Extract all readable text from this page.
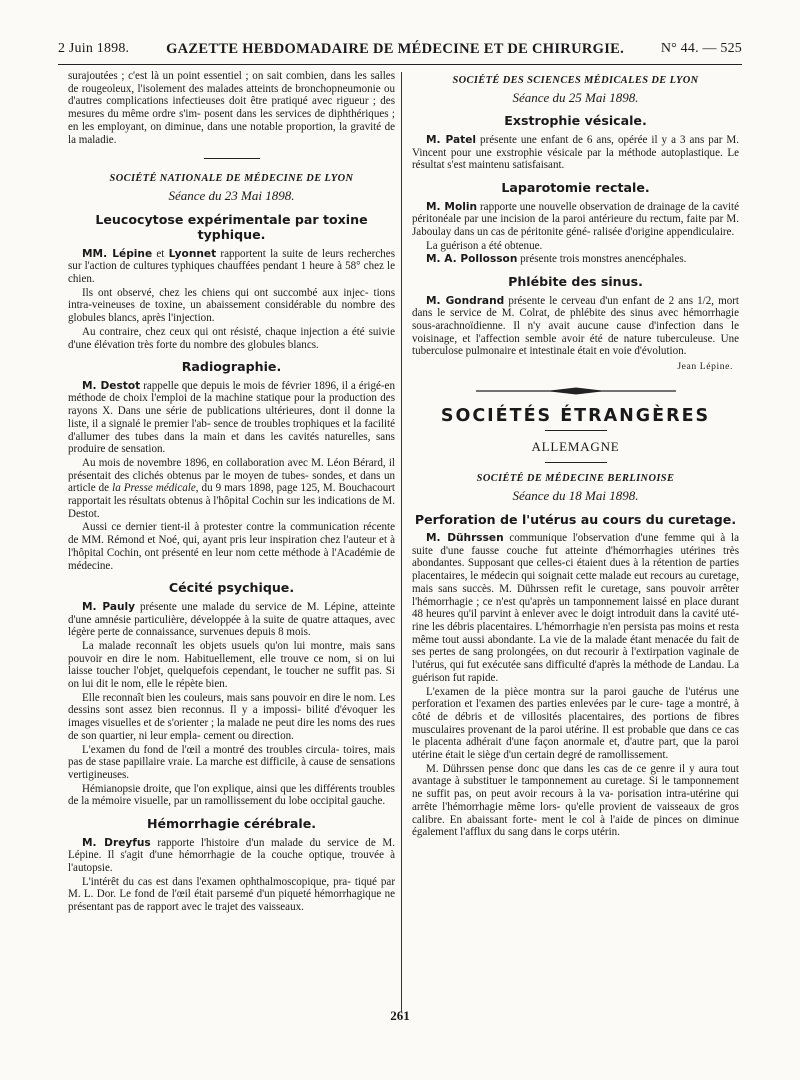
2 Juin 1898.	GAZETTE HEBDOMADAIRE DE MÉDECINE ET DE CHIRURGIE.	N° 44. — 525

surajoutées ; c'est là un point essentiel ; on sait combien, dans les salles de rougeoleux, l'isolement des malades atteints de bronchopneumonie ou d'autres complications infectieuses doit être pratiqué avec rigueur ; des mesures du même ordre s'im- posent dans les services de diphthériques ; en les employant, on diminue, dans une notable proportion, la gravité de la maladie.

SOCIÉTÉ NATIONALE DE MÉDECINE DE LYON
Séance du 23 Mai 1898.
Leucocytose expérimentale par toxine typhique.

MM. Lépine et Lyonnet rapportent la suite de leurs recherches sur l'action de cultures typhiques chauffées pendant 1 heure à 58° chez le chien.

Ils ont observé, chez les chiens qui ont succombé aux injec- tions intra-veineuses de toxine, un abaissement considérable du nombre des globules blancs, après l'injection.

Au contraire, chez ceux qui ont résisté, chaque injection a été suivie d'une élévation très forte du nombre des globules blancs.

Radiographie.

M. Destot rappelle que depuis le mois de février 1896, il a érigé-en méthode de choix l'emploi de la machine statique pour la production des rayons X. Dans une série de publications ultérieures, dont il donne la liste, il a signalé le premier l'ab- sence de troubles trophiques et la facilité d'allumer des tubes dans la main et dans les cavités naturelles, sans produire de sensation.

Au mois de novembre 1896, en collaboration avec M. Léon Bérard, il présentait des clichés obtenus par le moyen de tubes- sondes, et dans un article de la Presse médicale, du 9 mars 1898, page 125, M. Bouchacourt rapportait les résultats obtenus à l'hôpital Cochin sur les indications de M. Destot.

Aussi ce dernier tient-il à protester contre la communication récente de MM. Rémond et Noé, qui, ayant pris leur inspiration chez l'auteur et à l'hôpital Cochin, ont présenté en leur nom cette méthode à l'Académie de médecine.

Cécité psychique.

M. Pauly présente une malade du service de M. Lépine, atteinte d'une amnésie particulière, développée à la suite de quatre attaques, avec légère perte de connaissance, survenues depuis 8 mois.

La malade reconnaît les objets usuels qu'on lui montre, mais sans pouvoir en dire le nom. Habituellement, elle trouve ce nom, si on lui laisse toucher l'objet, quelquefois cependant, le toucher ne suffit pas. Si on lui dit le nom, elle le répète bien.

Elle reconnaît bien les couleurs, mais sans pouvoir en dire le nom. Les dessins sont assez bien reconnus. Il y a impossi- bilité d'évoquer les images visuelles et de s'orienter ; la malade ne peut dire les noms des rues de son quartier, ni leur empla- cement ou direction.

L'examen du fond de l'œil a montré des troubles circula- toires, mais pas de stase papillaire vraie. La marche est difficile, à cause de sensations vertigineuses.

Hémianopsie droite, que l'on explique, ainsi que les différents troubles de la mémoire visuelle, par un ramollissement du lobe occipital gauche.

Hémorrhagie cérébrale.

M. Dreyfus rapporte l'histoire d'un malade du service de M. Lépine. Il s'agit d'une hémorrhagie de la couche optique, trouvée à l'autopsie.

L'intérêt du cas est dans l'examen ophthalmoscopique, pra- tiqué par M. L. Dor. Le fond de l'œil était parsemé d'un piqueté hémorrhagique ne présentant pas de rapport avec le trajet des vaisseaux.

SOCIÉTÉ DES SCIENCES MÉDICALES DE LYON
Séance du 25 Mai 1898.
Exstrophie vésicale.

M. Patel présente une enfant de 6 ans, opérée il y a 3 ans par M. Vincent pour une exstrophie vésicale par la méthode autoplastique. Le résultat s'est maintenu satisfaisant.

Laparotomie rectale.

M. Molin rapporte une nouvelle observation de drainage de la cavité péritonéale par une incision de la paroi antérieure du rectum, faite par M. Jaboulay dans un cas de péritonite géné- ralisée d'origine appendiculaire.

La guérison a été obtenue.

M. A. Pollosson présente trois monstres anencéphales.

Phlébite des sinus.

M. Gondrand présente le cerveau d'un enfant de 2 ans 1/2, mort dans le service de M. Colrat, de phlébite des sinus avec hémorrhagie sous-arachnoïdienne. Il n'y avait aucune cause d'infection dans le voisinage, et l'affection semble avoir été de nature tuberculeuse. Une tuberculose pulmonaire et intestinale était en voie d'évolution.

Jean Lépine.
SOCIÉTÉS ÉTRANGÈRES
ALLEMAGNE
SOCIÉTÉ DE MÉDECINE BERLINOISE
Séance du 18 Mai 1898.
Perforation de l'utérus au cours du curetage.

M. Dührssen communique l'observation d'une femme qui à la suite d'une fausse couche fut atteinte d'hémorrhagies utérines très abondantes. Supposant que celles-ci étaient dues à la rétention de parties placentaires, le médecin qui soignait cette malade eut recours au curetage, mais sans succès. M. Dührssen refit le curetage, sans pouvoir arrêter l'hémorrhagie ; ce n'est qu'après un tamponnement laissé en place durant 48 heures qu'il parvint à enlever avec le doigt introduit dans la cavité uté- rine les débris placentaires. L'hémorrhagie n'en persista pas moins et resta même tout aussi abondante. La vie de la malade étant menacée du fait de ses pertes de sang prolongées, on dut recourir à l'extirpation vaginale de l'utérus, qui fut exécutée sans difficulté d'après la méthode de Landau. La guérison fut rapide.

L'examen de la pièce montra sur la paroi gauche de l'utérus une perforation et l'examen des parties enlevées par le cure- tage a montré, à côté de débris et de villosités placentaires, des portions de fibres musculaires provenant de la paroi utérine. Il est probable que dans ce cas le placenta adhérait d'une façon anormale et, d'autre part, que la paroi utérine était le siège d'un certain degré de ramollissement.

M. Dührssen pense donc que dans les cas de ce genre il y aura tout avantage à substituer le tamponnement au curetage. Si le tamponnement ne suffit pas, on peut avoir recours à la va- porisation intra-utérine qui arrête l'hémorrhagie même lors- qu'elle provient de vaisseaux de gros calibre. En abaissant forte- ment le col à l'aide de pinces on diminue également l'afflux du sang dans le corps utérin.

261
